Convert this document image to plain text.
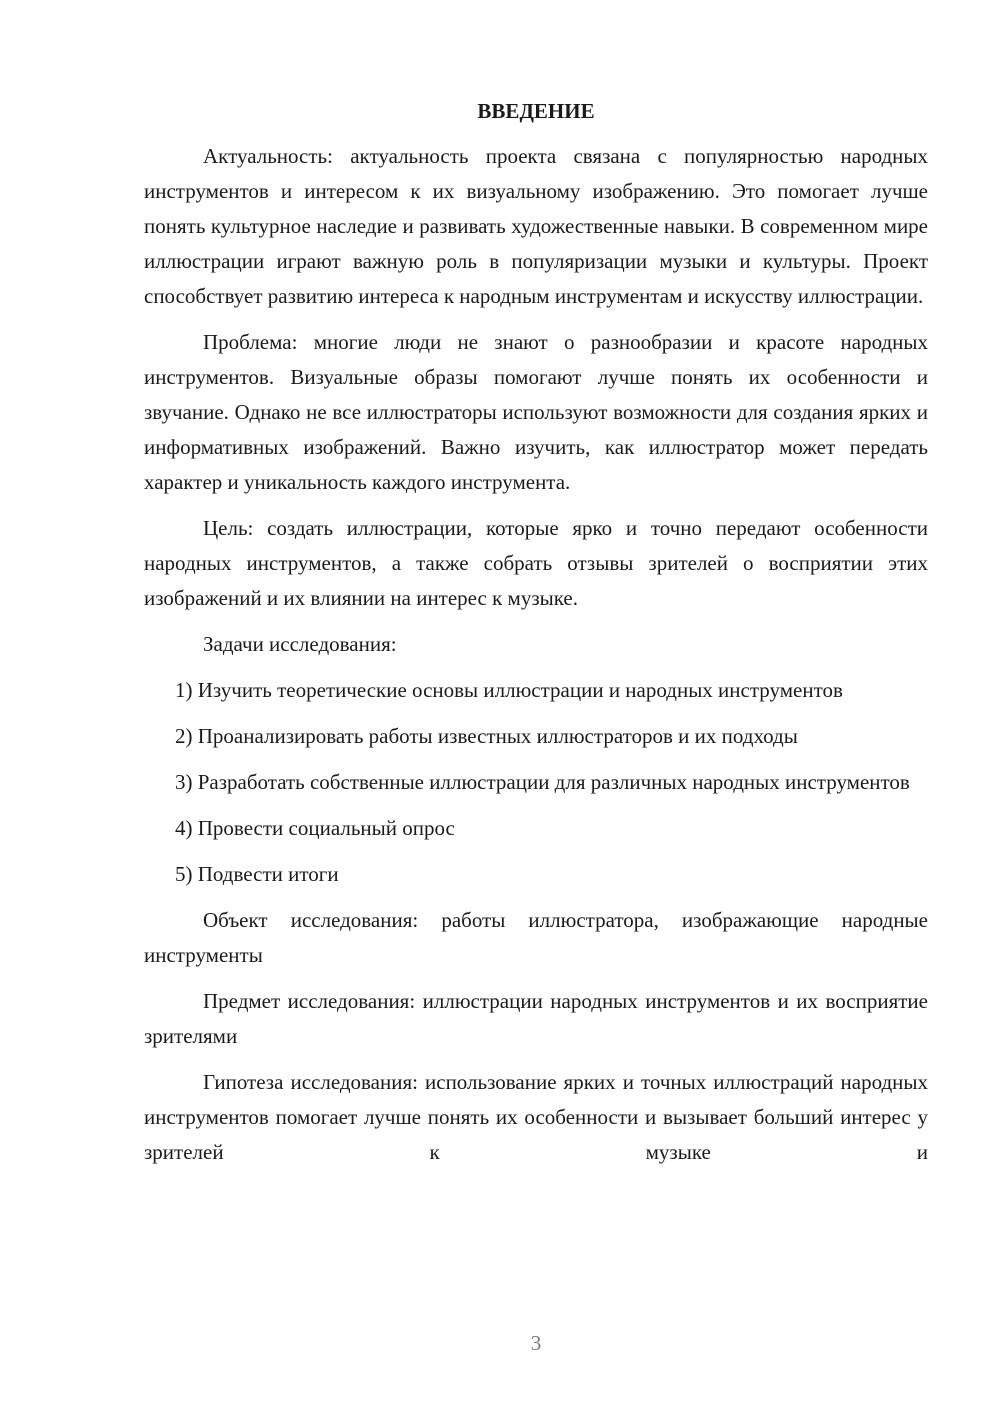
ВВЕДЕНИЕ

Актуальность: актуальность проекта связана с популярностью народных инструментов и интересом к их визуальному изображению. Это помогает лучше понять культурное наследие и развивать художественные навыки. В современном мире иллюстрации играют важную роль в популяризации музыки и культуры. Проект способствует развитию интереса к народным инструментам и искусству иллюстрации.

Проблема: многие люди не знают о разнообразии и красоте народных инструментов. Визуальные образы помогают лучше понять их особенности и звучание. Однако не все иллюстраторы используют возможности для создания ярких и информативных изображений. Важно изучить, как иллюстратор может передать характер и уникальность каждого инструмента.

Цель: создать иллюстрации, которые ярко и точно передают особенности народных инструментов, а также собрать отзывы зрителей о восприятии этих изображений и их влиянии на интерес к музыке.

Задачи исследования:

1) Изучить теоретические основы иллюстрации и народных инструментов

2) Проанализировать работы известных иллюстраторов и их подходы

3) Разработать собственные иллюстрации для различных народных инструментов

4) Провести социальный опрос

5) Подвести итоги

Объект исследования: работы иллюстратора, изображающие народные инструменты

Предмет исследования: иллюстрации народных инструментов и их восприятие зрителями

Гипотеза исследования: использование ярких и точных иллюстраций народных инструментов помогает лучше понять их особенности и вызывает больший интерес у зрителей к музыке и

3
